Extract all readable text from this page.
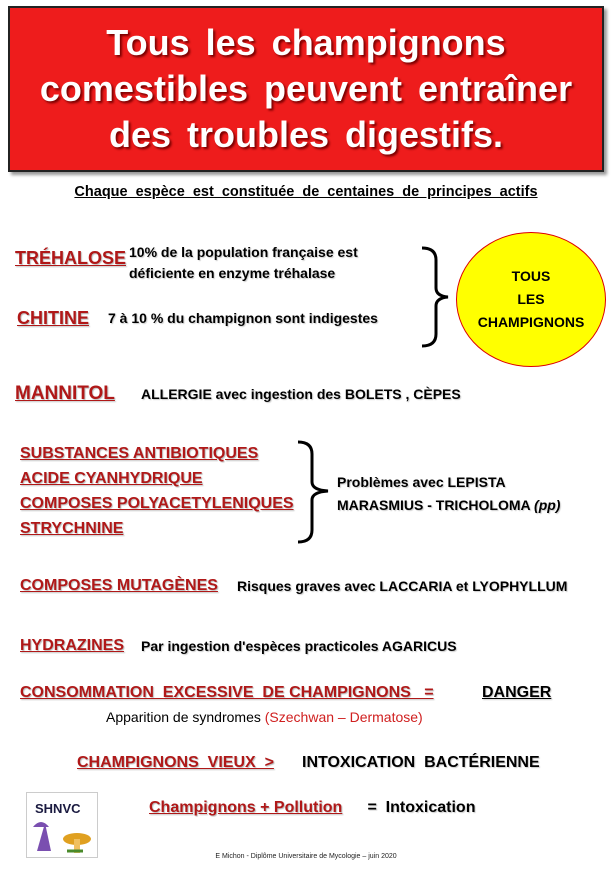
Tous les champignons
comestibles peuvent entraîner
des troubles digestifs.

Chaque espèce est constituée de centaines de principes actifs
TRÉHALOSE 10% de la population française est
déficiente en enzyme tréhalase
CHITINE 7 à 10 % du champignon sont indigestes
TOUS
LES
CHAMPIGNONS
MANNITOL ALLERGIE avec ingestion des BOLETS , CÈPES
SUBSTANCES ANTIBIOTIQUES
ACIDE CYANHYDRIQUE
COMPOSES POLYACETYLENIQUES
STRYCHNINE
Problèmes avec LEPISTA
MARASMIUS - TRICHOLOMA (pp)
COMPOSES MUTAGÈNES Risques graves avec LACCARIA et LYOPHYLLUM
HYDRAZINES Par ingestion d'espèces practicoles AGARICUS
CONSOMMATION  EXCESSIVE  DE CHAMPIGNONS   =	DANGER
Apparition de syndromes (Szechwan – Dermatose)
CHAMPIGNONS  VIEUX  > INTOXICATION  BACTÉRIENNE
SHNVC	Champignons + Pollution =  Intoxication
E Michon - Diplôme Universitaire de Mycologie – juin 2020
